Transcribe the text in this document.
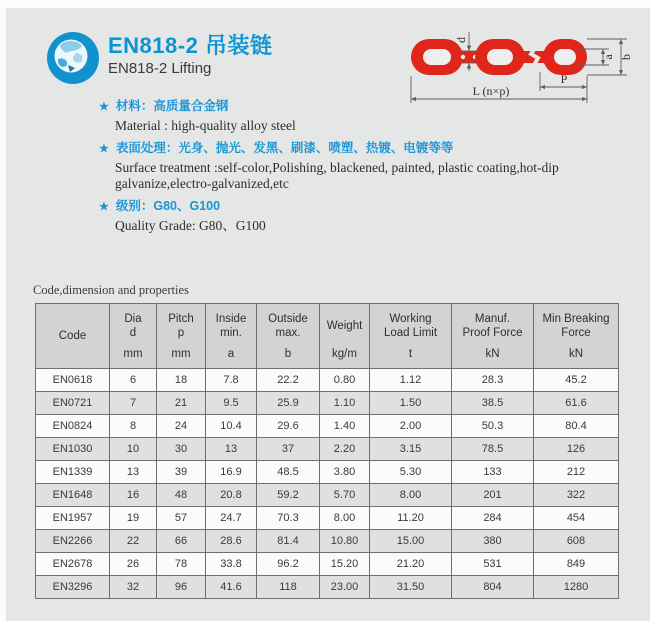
EN818-2 吊装链
EN818-2 Lifting
d
a b
P
L (n×p)
★ 材料：高质量合金钢
Material : high-quality alloy steel
★ 表面处理：光身、抛光、发黑、刷漆、喷塑、热镀、电镀等等
Surface treatment :self-color,Polishing, blackened, painted, plastic coating,hot-dip galvanize,electro-galvanized,etc
★ 级别：G80、G100
Quality Grade: G80、G100
Code,dimension and properties
Code

Dia
d
mm

Pitch
p
mm

Inside
min.
a

Outside
max.
b

Weight
kg/m

Working
Load Limit
t

Manuf.
Proof Force
kN

Min Breaking
Force
kN

EN0618	6	18	7.8	22.2	0.80	1.12	28.3	45.2
EN0721	7	21	9.5	25.9	1.10	1.50	38.5	61.6
EN0824	8	24	10.4	29.6	1.40	2.00	50.3	80.4
EN1030	10	30	13	37	2.20	3.15	78.5	126
EN1339	13	39	16.9	48.5	3.80	5.30	133	212
EN1648	16	48	20.8	59.2	5.70	8.00	201	322
EN1957	19	57	24.7	70.3	8.00	11.20	284	454
EN2266	22	66	28.6	81.4	10.80	15.00	380	608
EN2678	26	78	33.8	96.2	15.20	21.20	531	849
EN3296	32	96	41.6	118	23.00	31.50	804	1280
